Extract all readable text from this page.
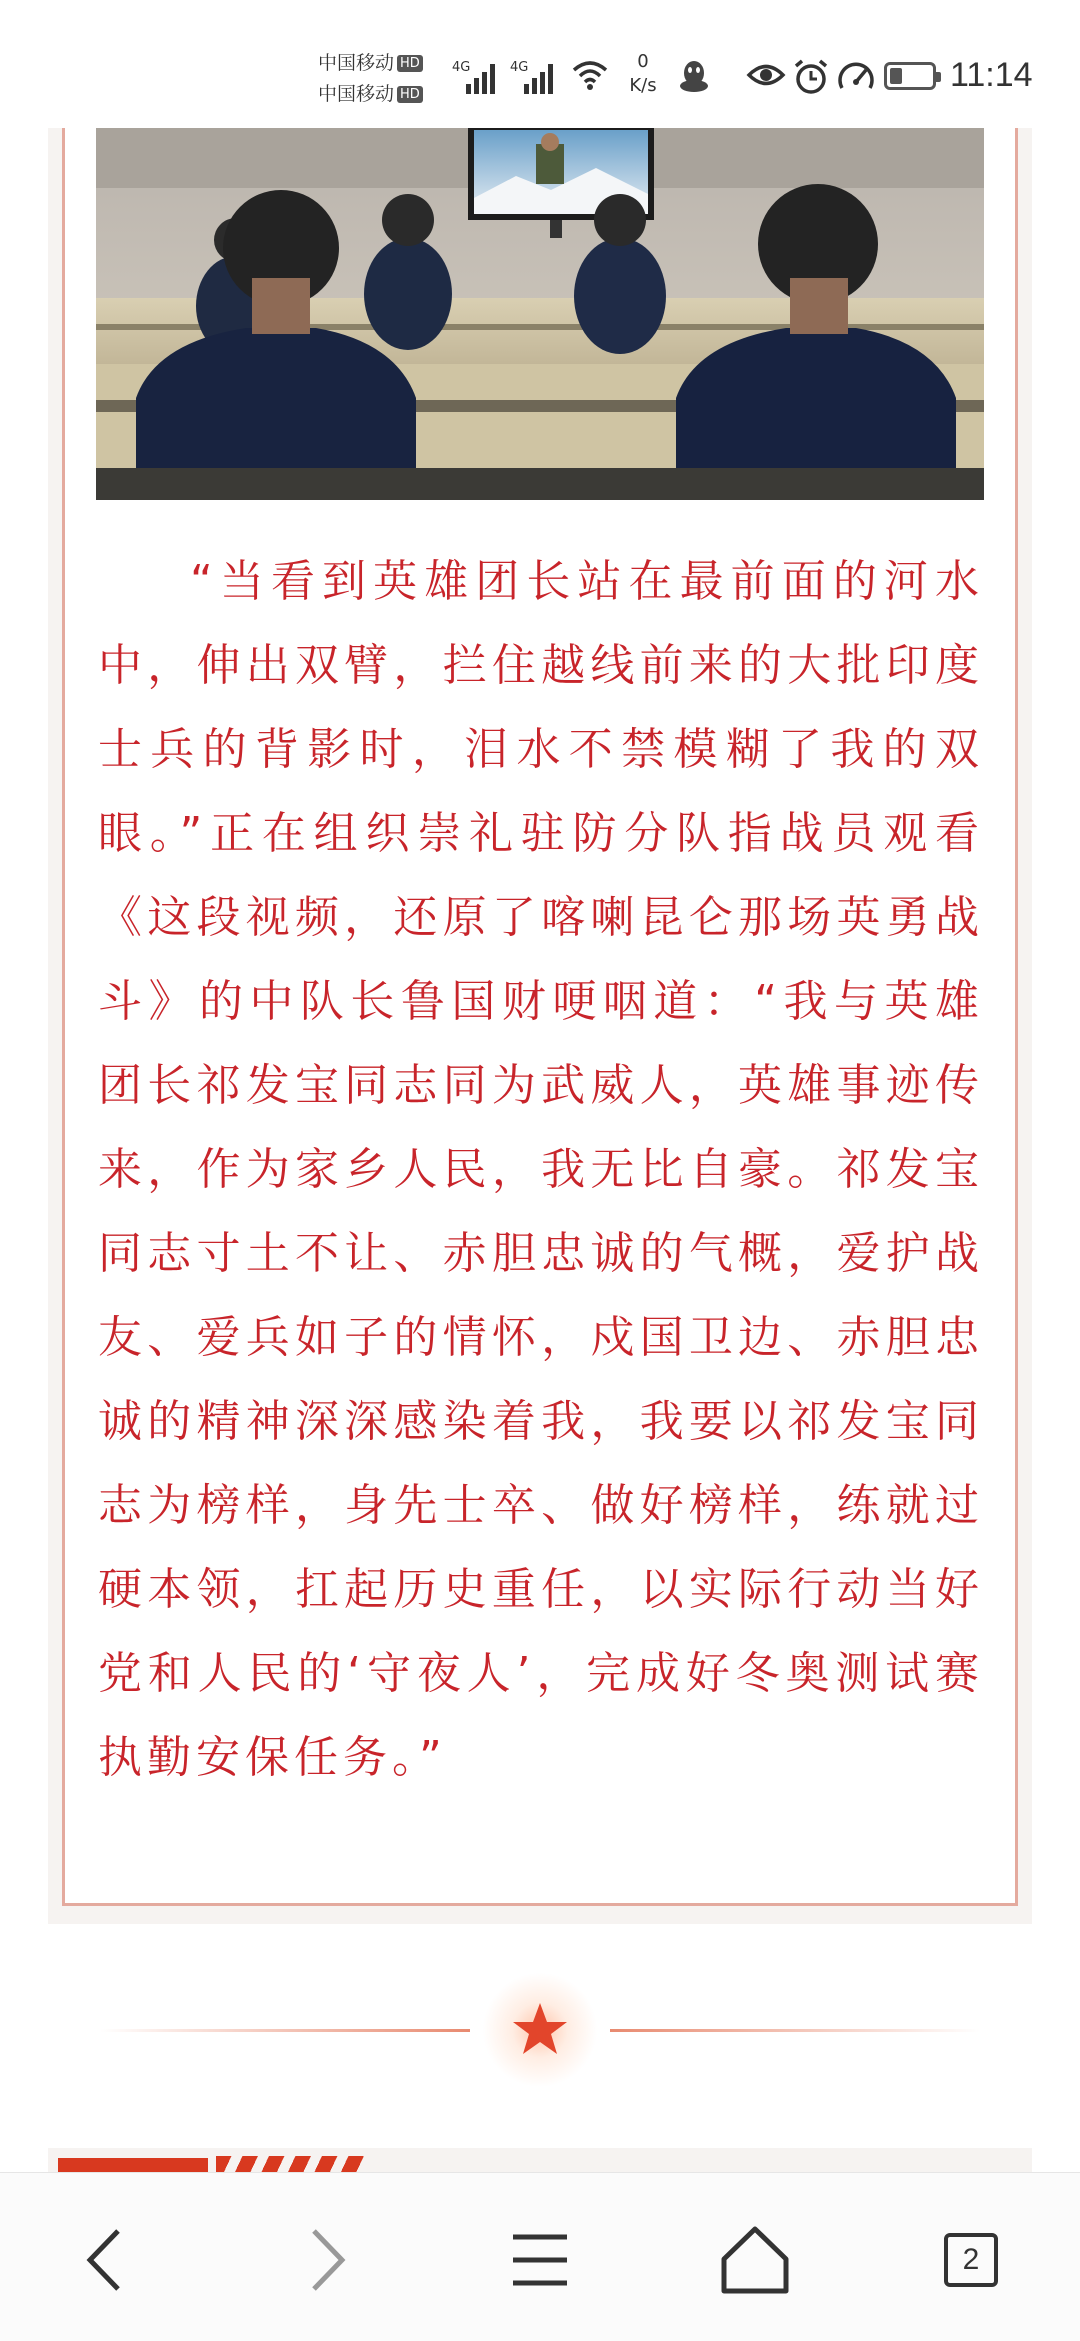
中国移动 HD
中国移动 HD
4G	4G	0
K/s	11:14

“当看到英雄团长站在最前面的河水中，伸出双臂，拦住越线前来的大批印度士兵的背影时，泪水不禁模糊了我的双眼。”正在组织崇礼驻防分队指战员观看《这段视频，还原了喀喇昆仑那场英勇战斗》的中队长鲁国财哽咽道：“我与英雄团长祁发宝同志同为武威人，英雄事迹传来，作为家乡人民，我无比自豪。祁发宝同志寸土不让、赤胆忠诚的气概，爱护战友、爱兵如子的情怀，戍国卫边、赤胆忠诚的精神深深感染着我，我要以祁发宝同志为榜样，身先士卒、做好榜样，练就过硬本领，扛起历史重任，以实际行动当好党和人民的‘守夜人’，完成好冬奥测试赛执勤安保任务。”

2
